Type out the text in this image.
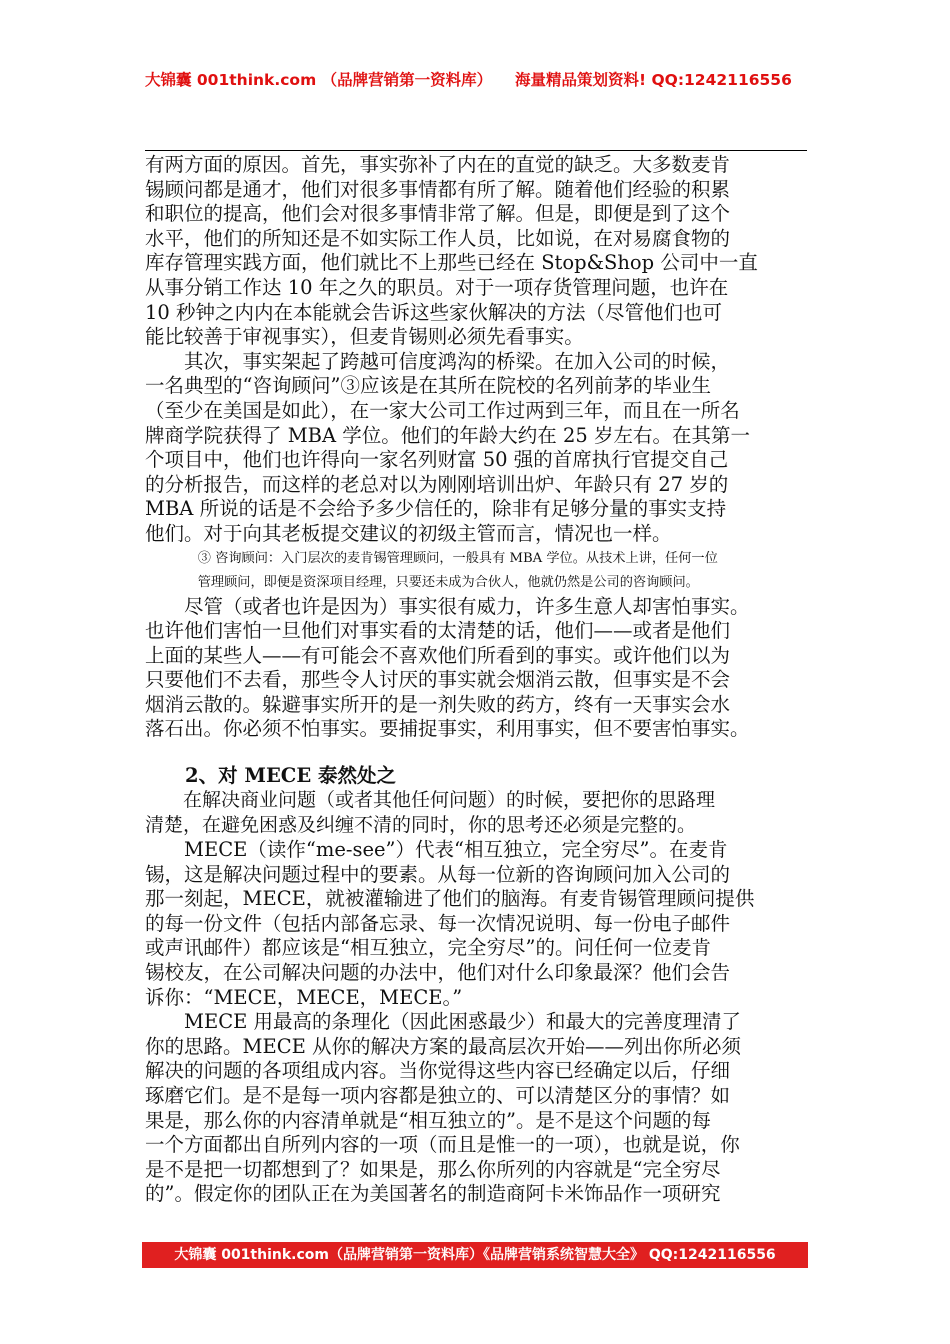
大锦囊 001think.com （品牌营销第一资料库） 海量精品策划资料! QQ:1242116556

有两方面的原因。首先，事实弥补了内在的直觉的缺乏。大多数麦肯
锡顾问都是通才，他们对很多事情都有所了解。随着他们经验的积累
和职位的提高，他们会对很多事情非常了解。但是，即便是到了这个
水平，他们的所知还是不如实际工作人员，比如说，在对易腐食物的
库存管理实践方面，他们就比不上那些已经在 Stop&Shop 公司中一直
从事分销工作达 10 年之久的职员。对于一项存货管理问题，也许在
10 秒钟之内内在本能就会告诉这些家伙解决的方法（尽管他们也可
能比较善于审视事实），但麦肯锡则必须先看事实。

　　其次，事实架起了跨越可信度鸿沟的桥梁。在加入公司的时候，
一名典型的“咨询顾问”③应该是在其所在院校的名列前茅的毕业生
（至少在美国是如此），在一家大公司工作过两到三年，而且在一所名
牌商学院获得了 MBA 学位。他们的年龄大约在 25 岁左右。在其第一
个项目中，他们也许得向一家名列财富 50 强的首席执行官提交自己
的分析报告，而这样的老总对以为刚刚培训出炉、年龄只有 27 岁的
MBA 所说的话是不会给予多少信任的，除非有足够分量的事实支持
他们。对于向其老板提交建议的初级主管而言，情况也一样。

　　　　③ 咨询顾问：入门层次的麦肯锡管理顾问，一般具有 MBA 学位。从技术上讲，任何一位
　　　　管理顾问，即便是资深项目经理，只要还未成为合伙人，他就仍然是公司的咨询顾问。

　　尽管（或者也许是因为）事实很有威力，许多生意人却害怕事实。
也许他们害怕一旦他们对事实看的太清楚的话，他们——或者是他们
上面的某些人——有可能会不喜欢他们所看到的事实。或许他们以为
只要他们不去看，那些令人讨厌的事实就会烟消云散，但事实是不会
烟消云散的。躲避事实所开的是一剂失败的药方，终有一天事实会水
落石出。你必须不怕事实。要捕捉事实，利用事实，但不要害怕事实。

2、对 MECE 泰然处之

　　在解决商业问题（或者其他任何问题）的时候，要把你的思路理
清楚，在避免困惑及纠缠不清的同时，你的思考还必须是完整的。

　　MECE（读作“me-see”）代表“相互独立，完全穷尽”。在麦肯
锡，这是解决问题过程中的要素。从每一位新的咨询顾问加入公司的
那一刻起，MECE，就被灌输进了他们的脑海。有麦肯锡管理顾问提供
的每一份文件（包括内部备忘录、每一次情况说明、每一份电子邮件
或声讯邮件）都应该是“相互独立，完全穷尽”的。问任何一位麦肯
锡校友，在公司解决问题的办法中，他们对什么印象最深？他们会告
诉你：“MECE，MECE，MECE。”

　　MECE 用最高的条理化（因此困惑最少）和最大的完善度理清了
你的思路。MECE 从你的解决方案的最高层次开始——列出你所必须
解决的问题的各项组成内容。当你觉得这些内容已经确定以后，仔细
琢磨它们。是不是每一项内容都是独立的、可以清楚区分的事情？如
果是，那么你的内容清单就是“相互独立的”。是不是这个问题的每
一个方面都出自所列内容的一项（而且是惟一的一项），也就是说，你
是不是把一切都想到了？如果是，那么你所列的内容就是“完全穷尽
的”。假定你的团队正在为美国著名的制造商阿卡米饰品作一项研究

大锦囊 001think.com（品牌营销第一资料库）《品牌营销系统智慧大全》 QQ:1242116556
